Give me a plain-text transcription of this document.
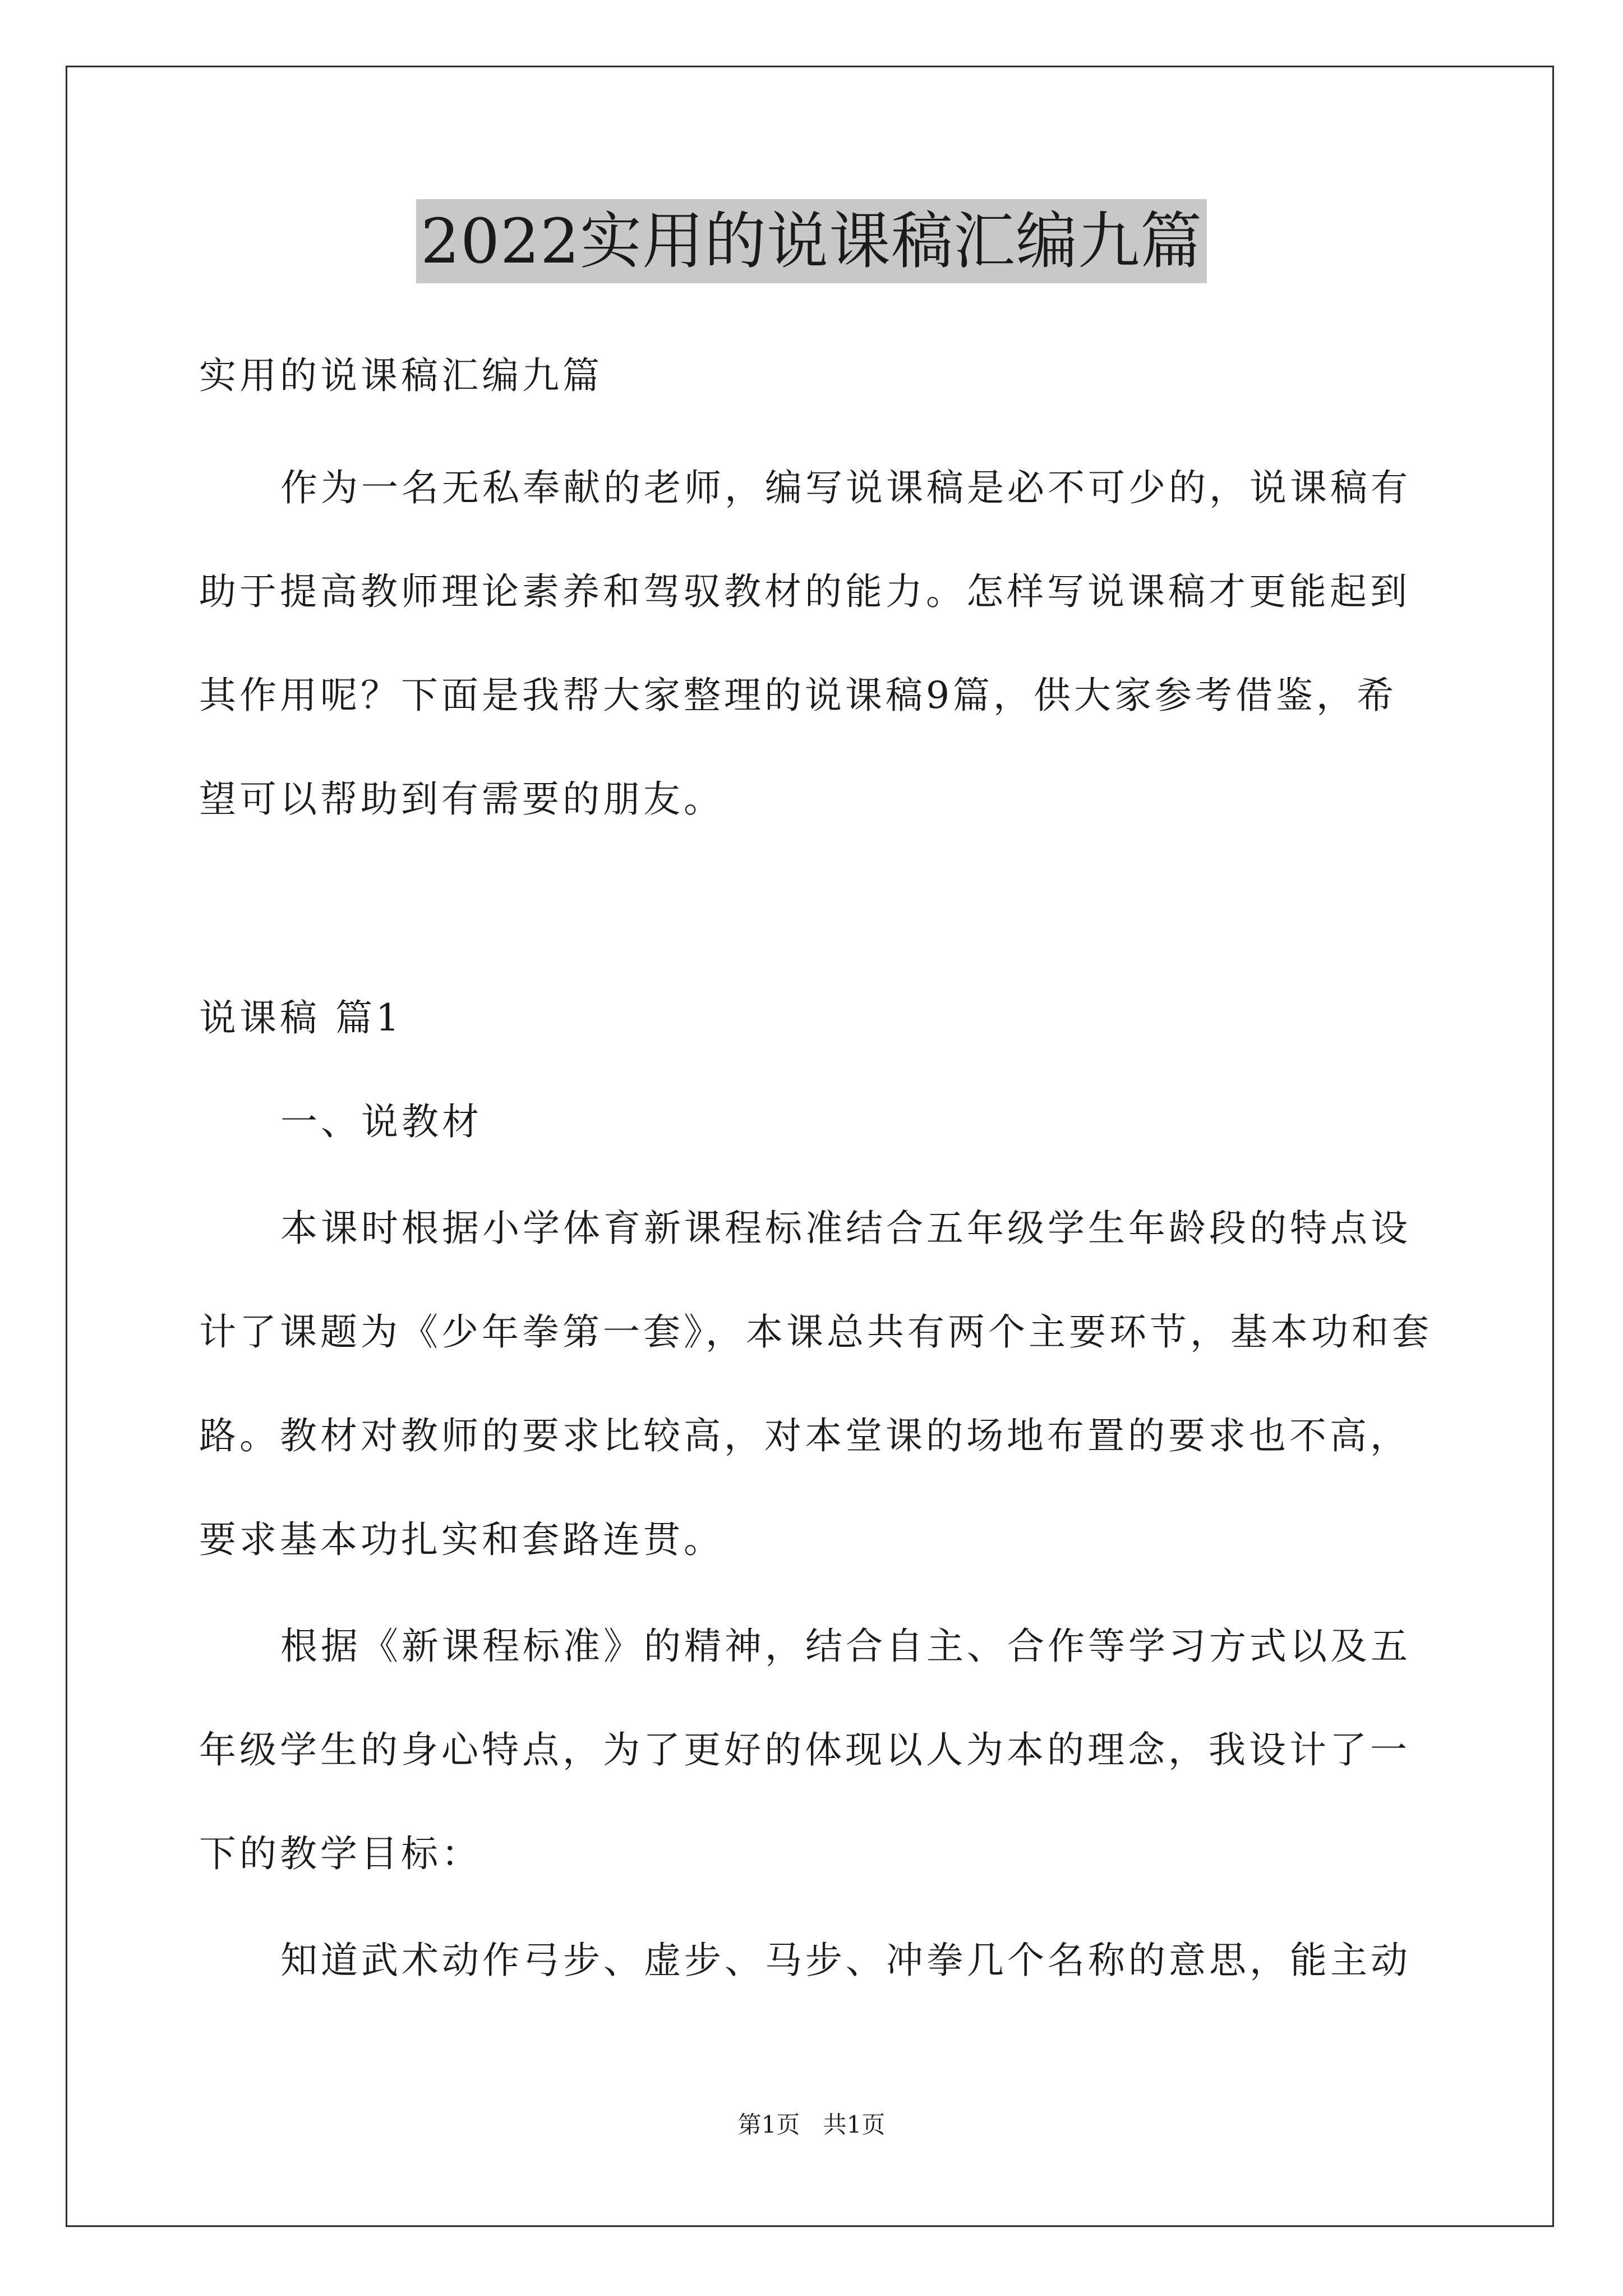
2022实用的说课稿汇编九篇
实用的说课稿汇编九篇
作为一名无私奉献的老师，编写说课稿是必不可少的，说课稿有
助于提高教师理论素养和驾驭教材的能力。怎样写说课稿才更能起到
其作用呢？下面是我帮大家整理的说课稿9篇，供大家参考借鉴，希
望可以帮助到有需要的朋友。
说课稿 篇1
一、说教材
本课时根据小学体育新课程标准结合五年级学生年龄段的特点设
计了课题为《少年拳第一套》，本课总共有两个主要环节，基本功和套
路。教材对教师的要求比较高，对本堂课的场地布置的要求也不高，
要求基本功扎实和套路连贯。
根据《新课程标准》的精神，结合自主、合作等学习方式以及五
年级学生的身心特点，为了更好的体现以人为本的理念，我设计了一
下的教学目标：
知道武术动作弓步、虚步、马步、冲拳几个名称的意思，能主动
第1页 共1页
